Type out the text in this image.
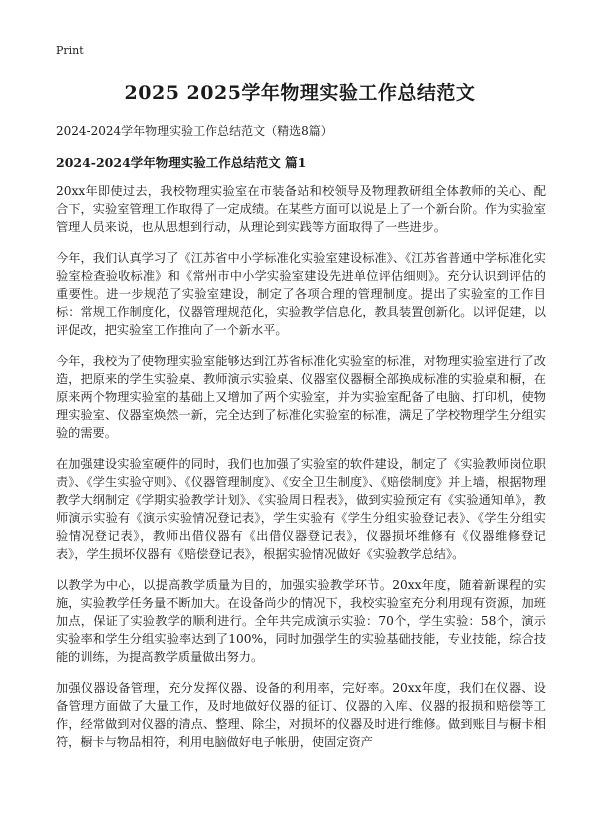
Print
2025 2025学年物理实验工作总结范文
2024-2024学年物理实验工作总结范文（精选8篇）
2024-2024学年物理实验工作总结范文 篇1

20xx年即使过去，我校物理实验室在市装备站和校领导及物理教研组全体教师的关心、配合下，实验室管理工作取得了一定成绩。在某些方面可以说是上了一个新台阶。作为实验室管理人员来说，也从思想到行动，从理论到实践等方面取得了一些进步。

今年，我们认真学习了《江苏省中小学标准化实验室建设标准》、《江苏省普通中学标准化实验室检查验收标准》和《常州市中小学实验室建设先进单位评估细则》。充分认识到评估的重要性。进一步规范了实验室建设，制定了各项合理的管理制度。提出了实验室的工作目标：常规工作制度化，仪器管理规范化，实验教学信息化，教具装置创新化。以评促建，以评促改，把实验室工作推向了一个新水平。

今年，我校为了使物理实验室能够达到江苏省标准化实验室的标准，对物理实验室进行了改造，把原来的学生实验桌、教师演示实验桌、仪器室仪器橱全部换成标准的实验桌和橱，在原来两个物理实验室的基础上又增加了两个实验室，并为实验室配备了电脑、打印机，使物理实验室、仪器室焕然一新，完全达到了标准化实验室的标准，满足了学校物理学生分组实验的需要。

在加强建设实验室硬件的同时，我们也加强了实验室的软件建设，制定了《实验教师岗位职责》、《学生实验守则》、《仪器管理制度》、《安全卫生制度》、《赔偿制度》并上墙，根据物理教学大纲制定《学期实验教学计划》、《实验周日程表》，做到实验预定有《实验通知单》，教师演示实验有《演示实验情况登记表》，学生实验有《学生分组实验登记表》、《学生分组实验情况登记表》，教师出借仪器有《出借仪器登记表》，仪器损坏维修有《仪器维修登记表》，学生损坏仪器有《赔偿登记表》，根据实验情况做好《实验教学总结》。

以教学为中心，以提高教学质量为目的，加强实验教学环节。20xx年度，随着新课程的实施，实验教学任务量不断加大。在设备尚少的情况下，我校实验室充分利用现有资源，加班加点，保证了实验教学的顺利进行。全年共完成演示实验：70个，学生实验：58个，演示实验率和学生分组实验率达到了100%，同时加强学生的实验基础技能，专业技能，综合技能的训练，为提高教学质量做出努力。

加强仪器设备管理，充分发挥仪器、设备的利用率，完好率。20xx年度，我们在仪器、设备管理方面做了大量工作，及时地做好仪器的征订、仪器的入库、仪器的报损和赔偿等工作，经常做到对仪器的清点、整理、除尘，对损坏的仪器及时进行维修。做到账目与橱卡相符，橱卡与物品相符，利用电脑做好电子帐册，使固定资产
